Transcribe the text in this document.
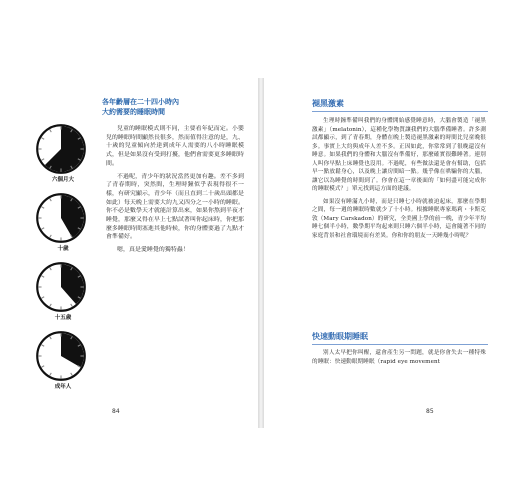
各年齡層在二十四小時內
大約需要的睡眠時間
六個月大
十歲
十五歲
成年人

兒童的睡眠模式則不同，主要看年紀而定。小嬰兒的睡眠時間顯然長很多，然而值得注意的是，九、十歲的兒童傾向於達到成年人需要的八小時睡眠模式，但是如果沒有受到打擾，他們會需要更多睡眠時間。

不過呢，青少年的狀況當然更加有趣。差不多到了青春期時，突然間，生理時鐘似乎表現得很不一樣，有研究顯示，青少年（而且直到二十歲出頭都是如此）每天晚上需要大約九又四分之一小時的睡眠。你不必是數學天才就能計算出來，如果你熬到半夜才睡覺，那麼又得在早上七點試著叫你起床時，你把那麼多睡眠時間塞進其他時候，你的身體要過了九點才會準備好。

嗯，真是愛睡覺的獨特蟲！

84
褪黑激素

生理時鐘準備叫我們的身體開始感覺睡意時，大腦會製造「褪黑激素」（melatonin），這種化學物質讓我們的大腦準備睡著。許多測試都顯示，到了青春期，身體在晚上製造褪黑激素的時間比兒童晚很多。事實上大約與成年人差不多。正因如此，你常常到了很晚還沒有睡意。如果我們的身體和大腦沒有準備好，那麼確實很難睡著。連別人叫你早點上床睡覺也沒用。不過呢，有些做法還是會有幫助，包括早一點放鬆身心，以及晚上讓房間暗一點。幾乎像在哄騙你的大腦，讓它以為睡覺的時間到了。你會在這一章後面的「如何盡可能完成你的睡眠模式？」單元找到這方面的建議。

如果沒有睡滿九小時，而是只睡七小時就被迫起床，那麼在學期之間，每一週的睡眠時數就少了十小時。根據睡眠專家瑪莉・卡斯克敦（Mary Carskadon）的研究，全美國上學的前一晚，青少年平均睡七個半小時，數學期平均起來則只睡六個半小時，這會隨著不同的家庭背景和社會環境而有差異。你和你的朋友一天睡幾小時呢？

快速動眼期睡眠

別人太早把你叫醒，還會產生另一問題，就是你會失去一種特殊的睡眠：快速動眼期睡眠（rapid eye movement

85
